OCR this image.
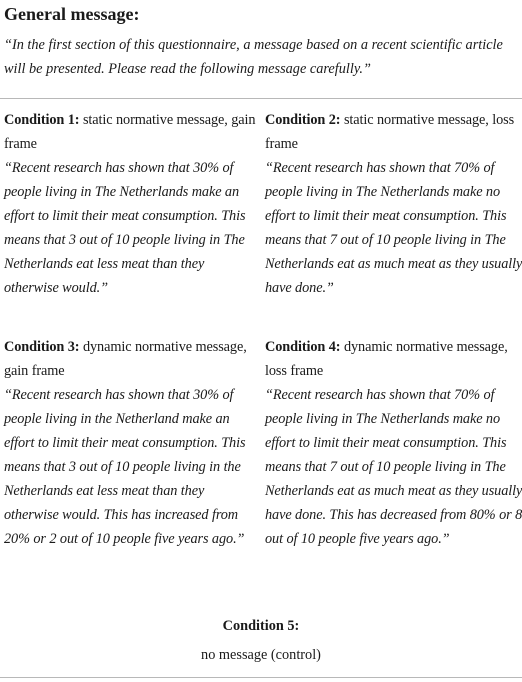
General message:
“In the first section of this questionnaire, a message based on a recent scientific article will be presented. Please read the following message carefully.”
Condition 1: static normative message, gain frame
“Recent research has shown that 30% of people living in The Netherlands make an effort to limit their meat consumption. This means that 3 out of 10 people living in The Netherlands eat less meat than they otherwise would.”
Condition 2: static normative message, loss frame
“Recent research has shown that 70% of people living in The Netherlands make no effort to limit their meat consumption. This means that 7 out of 10 people living in The Netherlands eat as much meat as they usually have done.”
Condition 3: dynamic normative message, gain frame
“Recent research has shown that 30% of people living in the Netherland make an effort to limit their meat consumption. This means that 3 out of 10 people living in the Netherlands eat less meat than they otherwise would. This has increased from 20% or 2 out of 10 people five years ago.”
Condition 4: dynamic normative message, loss frame
“Recent research has shown that 70% of people living in The Netherlands make no effort to limit their meat consumption. This means that 7 out of 10 people living in The Netherlands eat as much meat as they usually have done. This has decreased from 80% or 8 out of 10 people five years ago.”
Condition 5:
no message (control)
